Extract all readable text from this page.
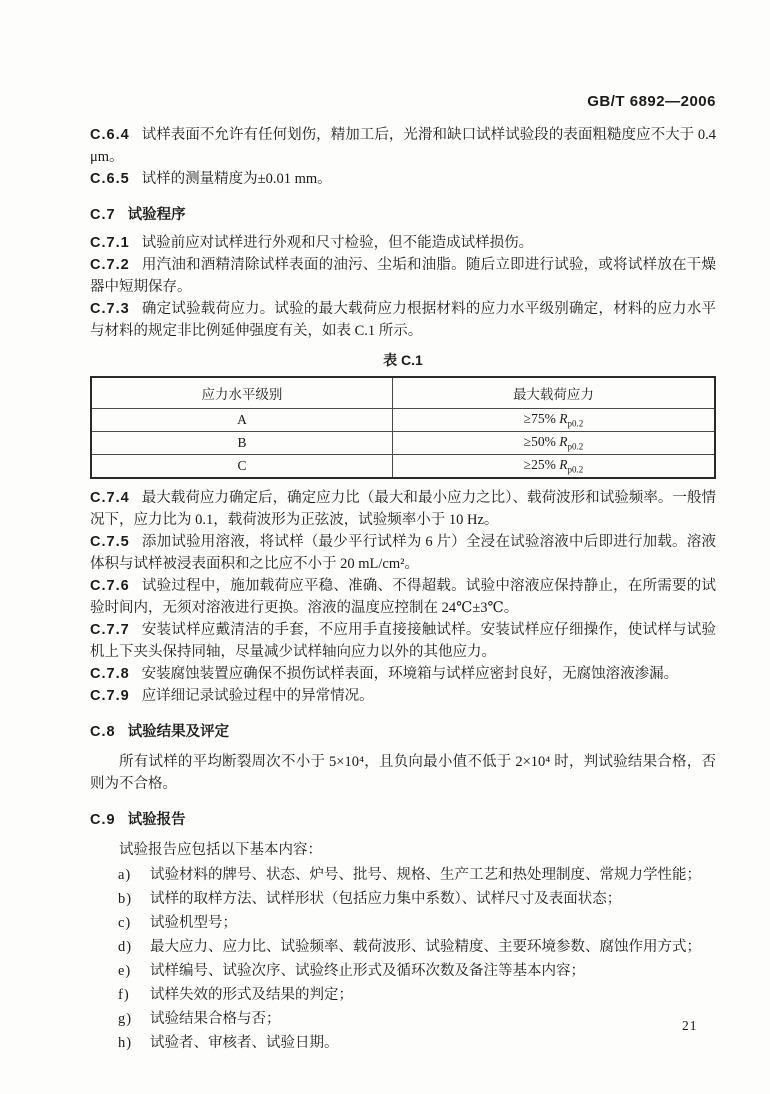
GB/T 6892—2006

C.6.4 试样表面不允许有任何划伤，精加工后，光滑和缺口试样试验段的表面粗糙度应不大于 0.4 μm。

C.6.5 试样的测量精度为±0.01 mm。

C.7 试验程序

C.7.1 试验前应对试样进行外观和尺寸检验，但不能造成试样损伤。

C.7.2 用汽油和酒精清除试样表面的油污、尘垢和油脂。随后立即进行试验，或将试样放在干燥器中短期保存。

C.7.3 确定试验载荷应力。试验的最大载荷应力根据材料的应力水平级别确定，材料的应力水平与材料的规定非比例延伸强度有关，如表 C.1 所示。

表 C.1
应力水平级别	最大载荷应力
A	≥75% $R_{p0.2}$
B	≥50% $R_{p0.2}$
C	≥25% $R_{p0.2}$

C.7.4 最大载荷应力确定后，确定应力比（最大和最小应力之比）、载荷波形和试验频率。一般情况下，应力比为 0.1，载荷波形为正弦波，试验频率小于 10 Hz。

C.7.5 添加试验用溶液，将试样（最少平行试样为 6 片）全浸在试验溶液中后即进行加载。溶液体积与试样被浸表面积和之比应不小于 20 mL/cm²。

C.7.6 试验过程中，施加载荷应平稳、准确、不得超载。试验中溶液应保持静止，在所需要的试验时间内，无须对溶液进行更换。溶液的温度应控制在 24℃±3℃。

C.7.7 安装试样应戴清洁的手套，不应用手直接接触试样。安装试样应仔细操作，使试样与试验机上下夹头保持同轴，尽量减少试样轴向应力以外的其他应力。

C.7.8 安装腐蚀装置应确保不损伤试样表面，环境箱与试样应密封良好，无腐蚀溶液渗漏。

C.7.9 应详细记录试验过程中的异常情况。

C.8 试验结果及评定

所有试样的平均断裂周次不小于 5×10⁴，且负向最小值不低于 2×10⁴ 时，判试验结果合格，否则为不合格。

C.9 试验报告

试验报告应包括以下基本内容：

a)	试验材料的牌号、状态、炉号、批号、规格、生产工艺和热处理制度、常规力学性能；
b)	试样的取样方法、试样形状（包括应力集中系数）、试样尺寸及表面状态；
c)	试验机型号；
d)	最大应力、应力比、试验频率、载荷波形、试验精度、主要环境参数、腐蚀作用方式；
e)	试样编号、试验次序、试验终止形式及循环次数及备注等基本内容；
f)	试样失效的形式及结果的判定；
g)	试验结果合格与否；
h)	试验者、审核者、试验日期。
21
